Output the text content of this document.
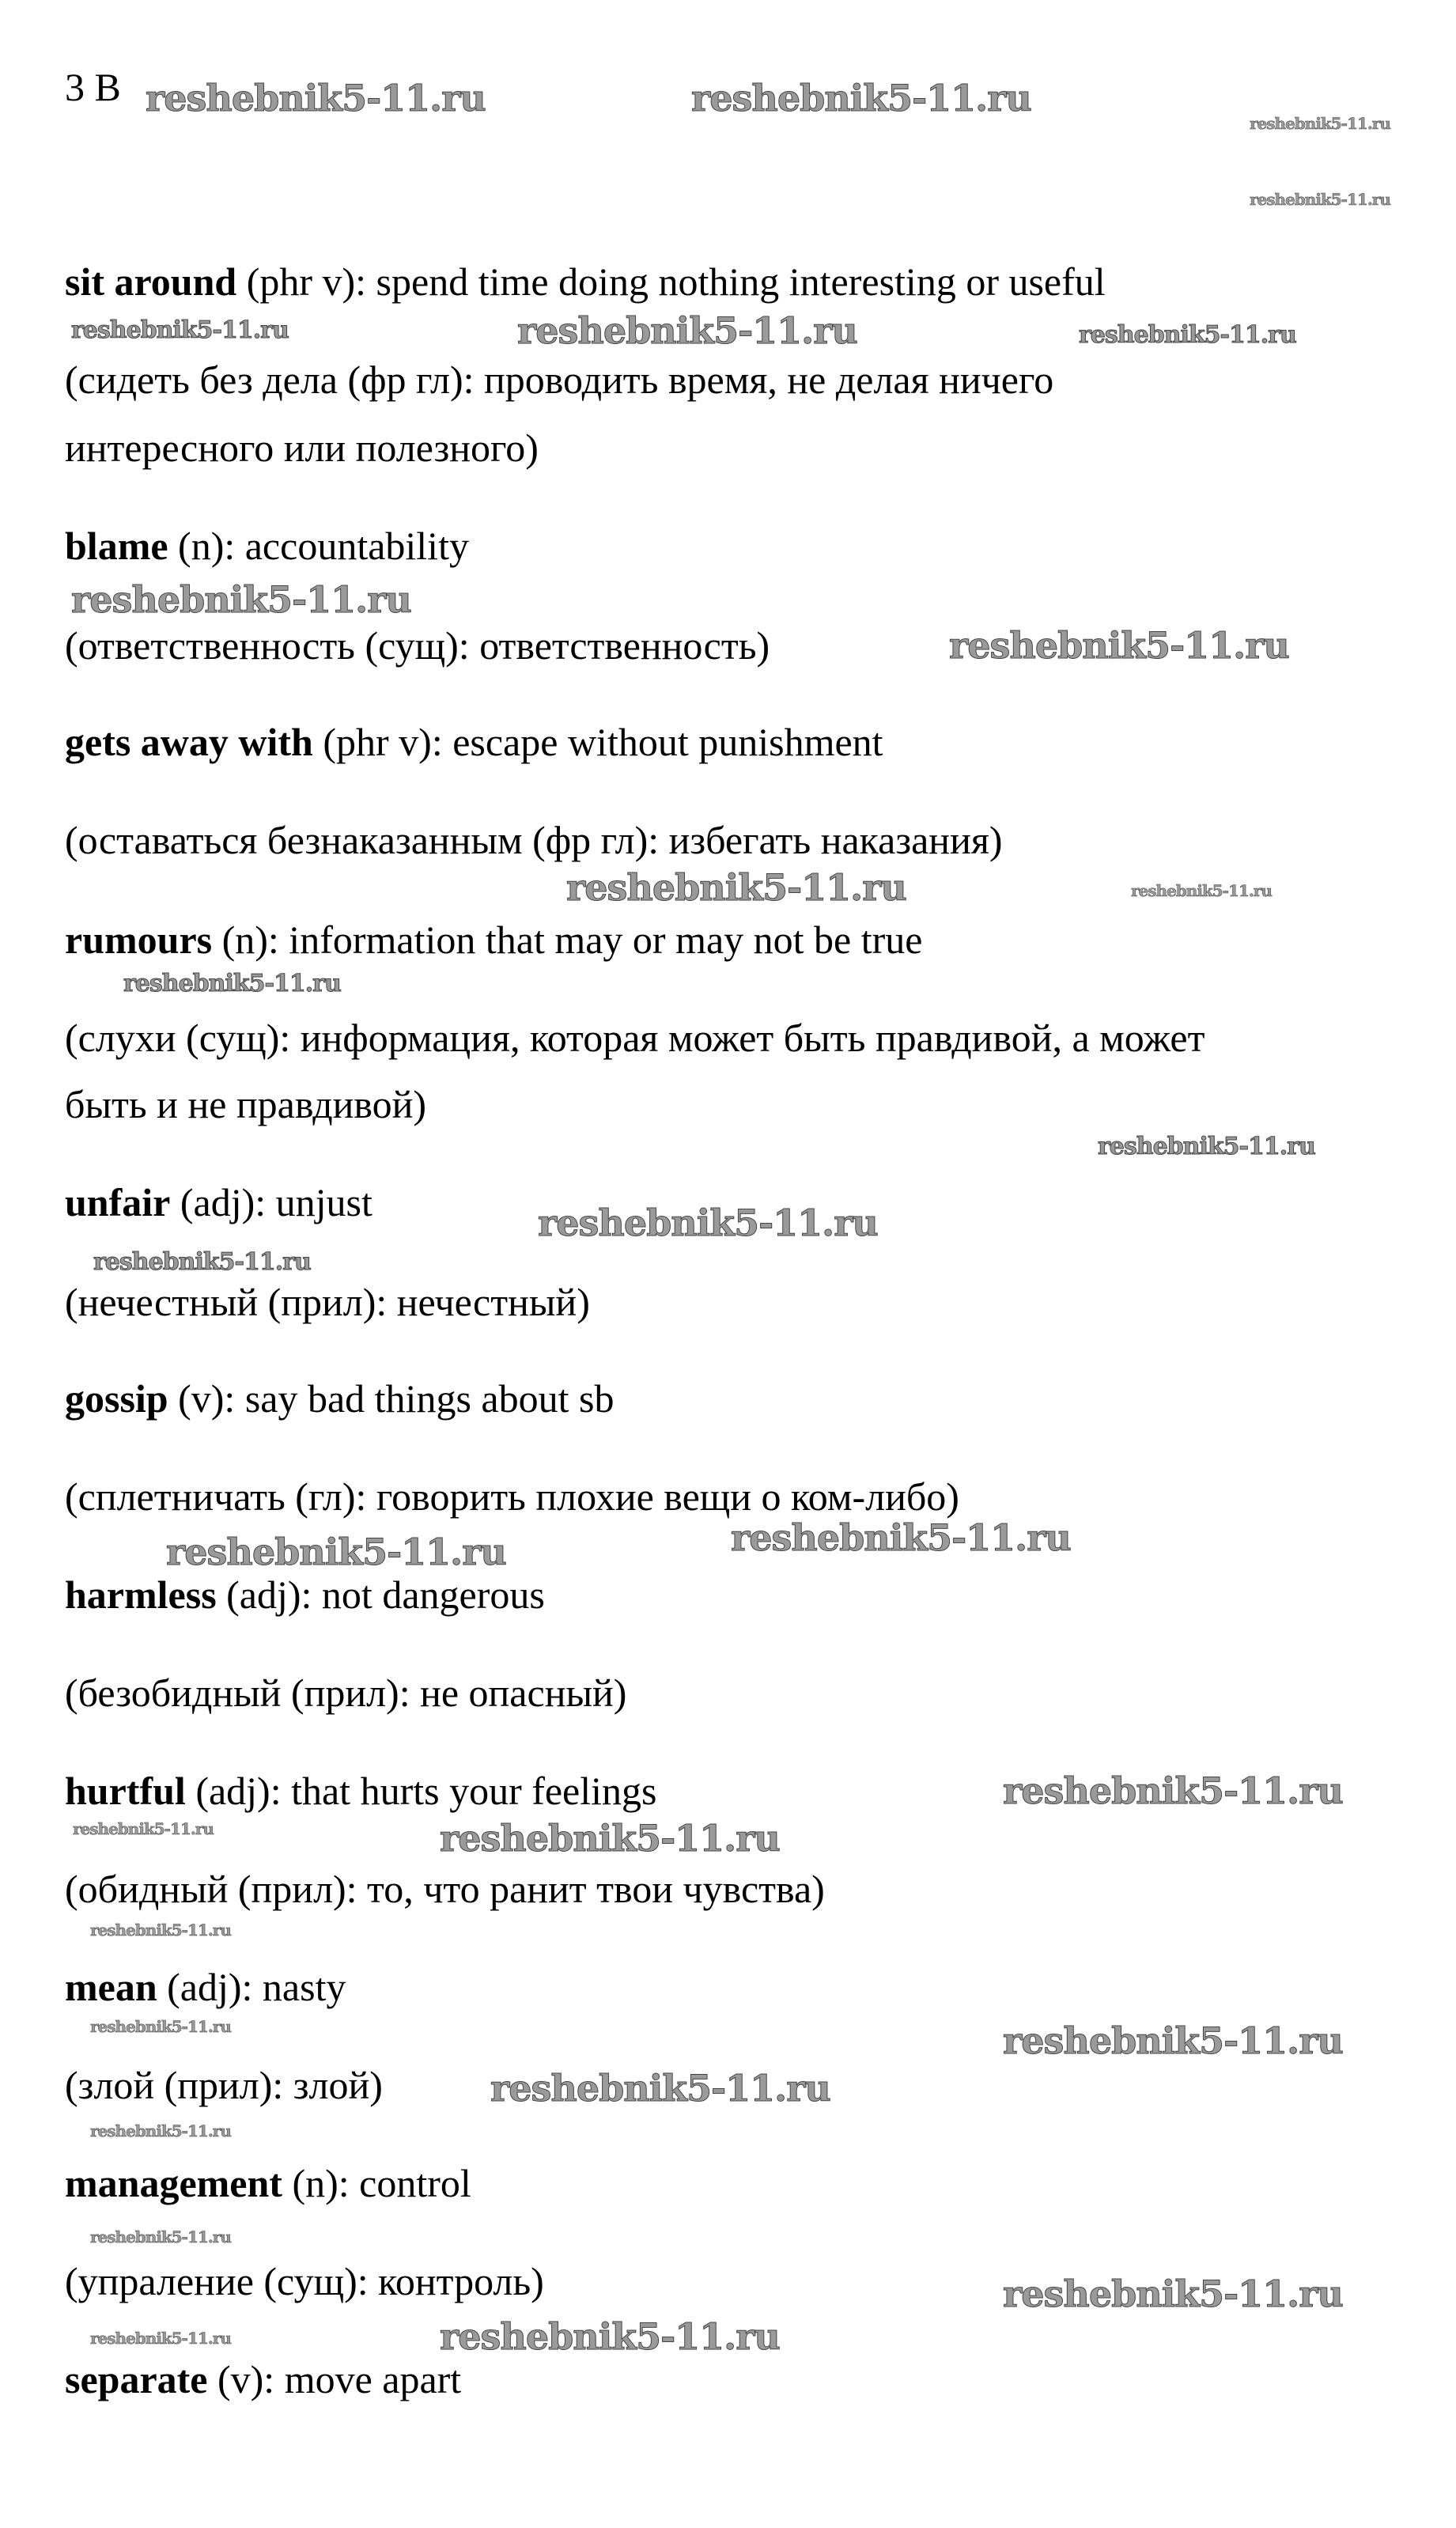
3 B
sit around (phr v): spend time doing nothing interesting or useful
(сидеть без дела (фр гл): проводить время, не делая ничего
интересного или полезного)
blame (n): accountability
(ответственность (сущ): ответственность)
gets away with (phr v): escape without punishment
(оставаться безнаказанным (фр гл): избегать наказания)
rumours (n): information that may or may not be true
(слухи (сущ): информация, которая может быть правдивой, а может
быть и не правдивой)
unfair (adj): unjust
(нечестный (прил): нечестный)
gossip (v): say bad things about sb
(сплетничать (гл): говорить плохие вещи о ком-либо)
harmless (adj): not dangerous
(безобидный (прил): не опасный)
hurtful (adj): that hurts your feelings
(обидный (прил): то, что ранит твои чувства)
mean (adj): nasty
(злой (прил): злой)
management (n): control
(упраление (сущ): контроль)
separate (v): move apart
reshebnik5-11.ru	reshebnik5-11.ru
reshebnik5-11.ru
reshebnik5-11.ru
reshebnik5-11.ru	reshebnik5-11.ru	reshebnik5-11.ru
reshebnik5-11.ru
reshebnik5-11.ru
reshebnik5-11.ru	reshebnik5-11.ru
reshebnik5-11.ru
reshebnik5-11.ru
reshebnik5-11.ru
reshebnik5-11.ru
reshebnik5-11.ru	reshebnik5-11.ru
reshebnik5-11.ru
reshebnik5-11.ru	reshebnik5-11.ru
reshebnik5-11.ru
reshebnik5-11.ru	reshebnik5-11.ru
reshebnik5-11.ru
reshebnik5-11.ru
reshebnik5-11.ru
reshebnik5-11.ru
reshebnik5-11.ru	reshebnik5-11.ru
